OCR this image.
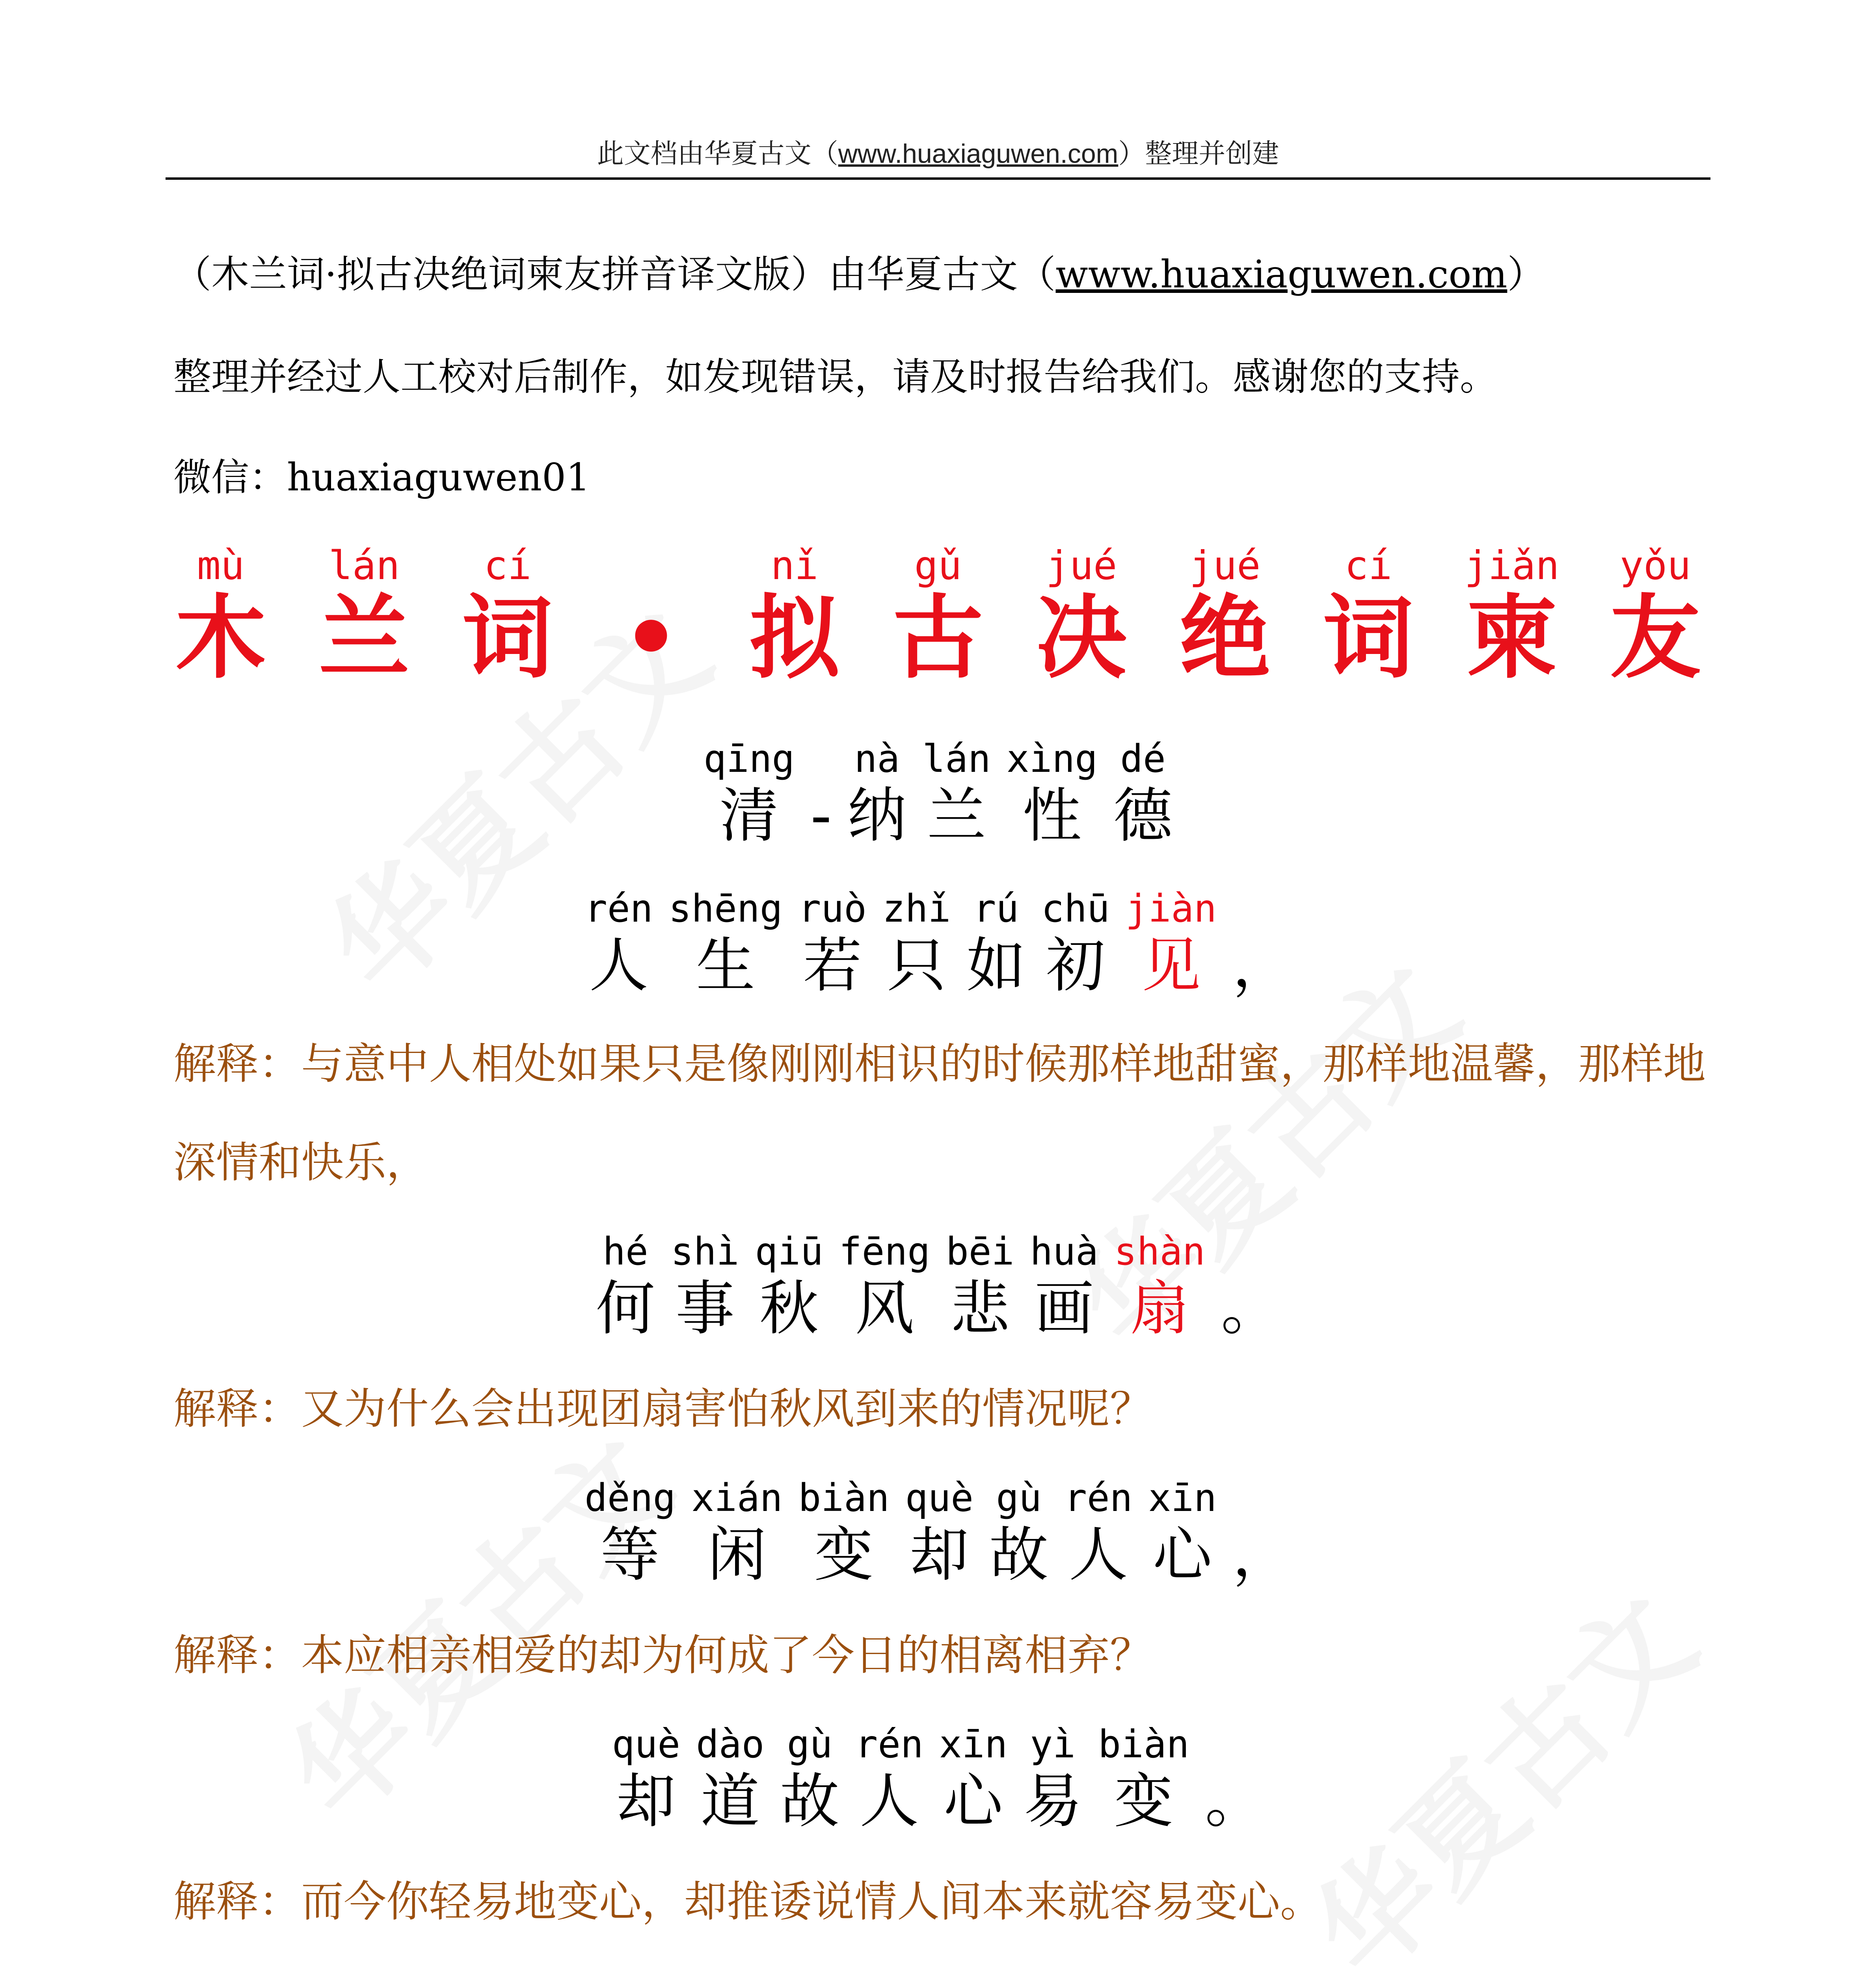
此文档由华夏古文（www.huaxiaguwen.com）整理并创建
（木兰词·拟古决绝词柬友拼音译文版）由华夏古文（www.huaxiaguwen.com）
整理并经过人工校对后制作，如发现错误，请及时报告给我们。感谢您的支持。
微信：huaxiaguwen01
mù
木
lán
兰
cí
词 •
nǐ
拟
gǔ
古
jué
决
jué
绝
cí
词
jiǎn
柬
yǒu
友
qīng
清 -
nà
纳
lán
兰
xìng
性
dé
德
rén
人
shēng
生
ruò
若
zhǐ
只
rú
如
chū
初
jiàn
见 ，
解释：与意中人相处如果只是像刚刚相识的时候那样地甜蜜，那样地温馨，那样地深情和快乐，
hé
何
shì
事
qiū
秋
fēng
风
bēi
悲
huà
画
shàn
扇 。
解释：又为什么会出现团扇害怕秋风到来的情况呢？
děng
等
xián
闲
biàn
变
què
却
gù
故
rén
人
xīn
心 ，
解释：本应相亲相爱的却为何成了今日的相离相弃？
què
却
dào
道
gù
故
rén
人
xīn
心
yì
易
biàn
变 。
解释：而今你轻易地变心，却推诿说情人间本来就容易变心。
